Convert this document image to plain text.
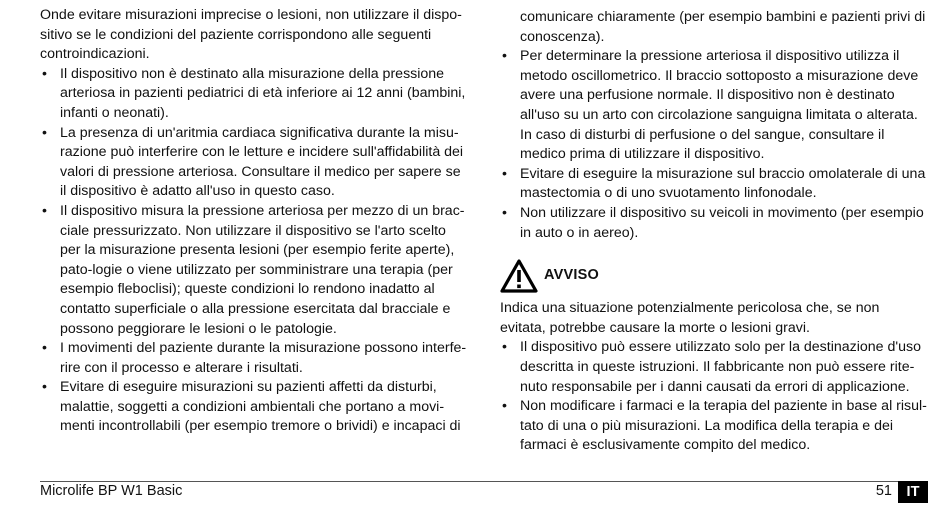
Onde evitare misurazioni imprecise o lesioni, non utilizzare il dispo-sitivo se le condizioni del paziente corrispondono alle seguenti controindicazioni.

• Il dispositivo non è destinato alla misurazione della pressione arteriosa in pazienti pediatrici di età inferiore ai 12 anni (bambini, infanti o neonati).
• La presenza di un'aritmia cardiaca significativa durante la misu-razione può interferire con le letture e incidere sull'affidabilità dei valori di pressione arteriosa. Consultare il medico per sapere se il dispositivo è adatto all'uso in questo caso.
• Il dispositivo misura la pressione arteriosa per mezzo di un brac-ciale pressurizzato. Non utilizzare il dispositivo se l'arto scelto per la misurazione presenta lesioni (per esempio ferite aperte), pato-logie o viene utilizzato per somministrare una terapia (per esempio fleboclisi); queste condizioni lo rendono inadatto al contatto superficiale o alla pressione esercitata dal bracciale e possono peggiorare le lesioni o le patologie.
• I movimenti del paziente durante la misurazione possono interfe-rire con il processo e alterare i risultati.
• Evitare di eseguire misurazioni su pazienti affetti da disturbi, malattie, soggetti a condizioni ambientali che portano a movi-menti incontrollabili (per esempio tremore o brividi) e incapaci di
comunicare chiaramente (per esempio bambini e pazienti privi di conoscenza).
• Per determinare la pressione arteriosa il dispositivo utilizza il metodo oscillometrico. Il braccio sottoposto a misurazione deve avere una perfusione normale. Il dispositivo non è destinato all'uso su un arto con circolazione sanguigna limitata o alterata. In caso di disturbi di perfusione o del sangue, consultare il medico prima di utilizzare il dispositivo.
• Evitare di eseguire la misurazione sul braccio omolaterale di una mastectomia o di uno svuotamento linfonodale.
• Non utilizzare il dispositivo su veicoli in movimento (per esempio in auto o in aereo).
AVVISO

Indica una situazione potenzialmente pericolosa che, se non evitata, potrebbe causare la morte o lesioni gravi.

• Il dispositivo può essere utilizzato solo per la destinazione d'uso descritta in queste istruzioni. Il fabbricante non può essere rite-nuto responsabile per i danni causati da errori di applicazione.
• Non modificare i farmaci e la terapia del paziente in base al risul-tato di una o più misurazioni. La modifica della terapia e dei farmaci è esclusivamente compito del medico.
Microlife BP W1 Basic	51	IT
